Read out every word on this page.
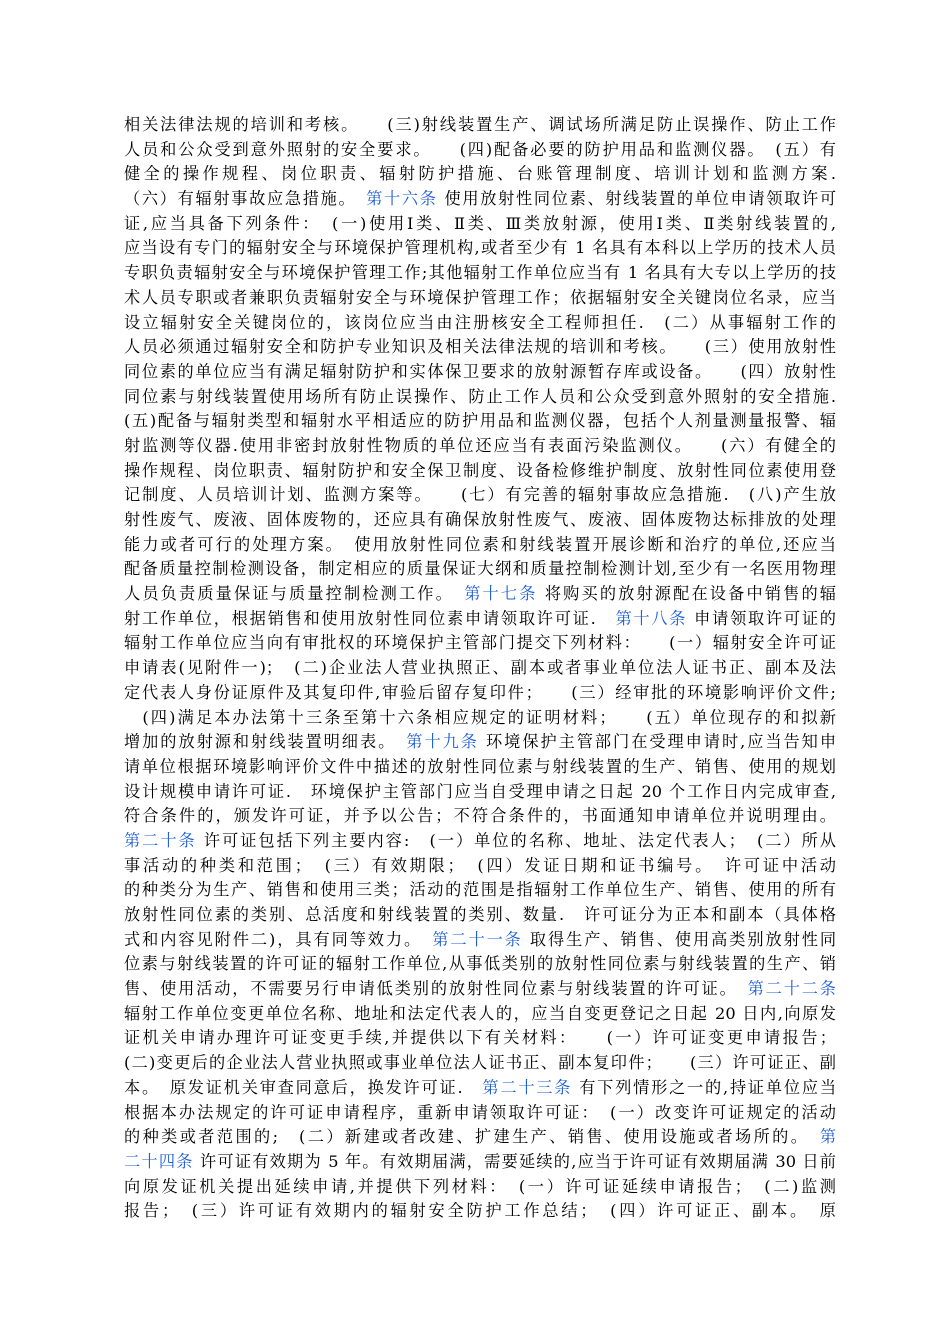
相关法律法规的培训和考核。　　(三)射线装置生产、调试场所满足防止误操作、防止工作
人员和公众受到意外照射的安全要求。　　(四)配备必要的防护用品和监测仪器。　(五）有
健全的操作规程、岗位职责、辐射防护措施、台账管理制度、培训计划和监测方案.
（六）有辐射事故应急措施。　第十六条 使用放射性同位素、射线装置的单位申请领取许可
证,应当具备下列条件：　(一)使用Ⅰ类、Ⅱ类、Ⅲ类放射源，使用Ⅰ类、Ⅱ类射线装置的,
应当设有专门的辐射安全与环境保护管理机构,或者至少有 1 名具有本科以上学历的技术人员
专职负责辐射安全与环境保护管理工作;其他辐射工作单位应当有 1 名具有大专以上学历的技
术人员专职或者兼职负责辐射安全与环境保护管理工作；依据辐射安全关键岗位名录，应当
设立辐射安全关键岗位的，该岗位应当由注册核安全工程师担任.　(二）从事辐射工作的
人员必须通过辐射安全和防护专业知识及相关法律法规的培训和考核。　　(三）使用放射性
同位素的单位应当有满足辐射防护和实体保卫要求的放射源暂存库或设备。　　(四）放射性
同位素与射线装置使用场所有防止误操作、防止工作人员和公众受到意外照射的安全措施.
(五)配备与辐射类型和辐射水平相适应的防护用品和监测仪器，包括个人剂量测量报警、辐
射监测等仪器.使用非密封放射性物质的单位还应当有表面污染监测仪。　　(六）有健全的
操作规程、岗位职责、辐射防护和安全保卫制度、设备检修维护制度、放射性同位素使用登
记制度、人员培训计划、监测方案等。　　(七）有完善的辐射事故应急措施.　(八)产生放
射性废气、废液、固体废物的，还应具有确保放射性废气、废液、固体废物达标排放的处理
能力或者可行的处理方案。　使用放射性同位素和射线装置开展诊断和治疗的单位,还应当
配备质量控制检测设备，制定相应的质量保证大纲和质量控制检测计划,至少有一名医用物理
人员负责质量保证与质量控制检测工作。　第十七条 将购买的放射源配在设备中销售的辐
射工作单位，根据销售和使用放射性同位素申请领取许可证.　第十八条 申请领取许可证的
辐射工作单位应当向有审批权的环境保护主管部门提交下列材料：　　(一）辐射安全许可证
申请表(见附件一)；　(二)企业法人营业执照正、副本或者事业单位法人证书正、副本及法
定代表人身份证原件及其复印件,审验后留存复印件；　　(三）经审批的环境影响评价文件;
　(四)满足本办法第十三条至第十六条相应规定的证明材料；　　(五）单位现存的和拟新
增加的放射源和射线装置明细表。　第十九条 环境保护主管部门在受理申请时,应当告知申
请单位根据环境影响评价文件中描述的放射性同位素与射线装置的生产、销售、使用的规划
设计规模申请许可证.　环境保护主管部门应当自受理申请之日起 20 个工作日内完成审查,
符合条件的，颁发许可证，并予以公告；不符合条件的，书面通知申请单位并说明理由。
第二十条 许可证包括下列主要内容:　(一）单位的名称、地址、法定代表人；　(二）所从
事活动的种类和范围；　(三）有效期限；　(四）发证日期和证书编号。　许可证中活动
的种类分为生产、销售和使用三类；活动的范围是指辐射工作单位生产、销售、使用的所有
放射性同位素的类别、总活度和射线装置的类别、数量.　许可证分为正本和副本（具体格
式和内容见附件二)，具有同等效力。　第二十一条 取得生产、销售、使用高类别放射性同
位素与射线装置的许可证的辐射工作单位,从事低类别的放射性同位素与射线装置的生产、销
售、使用活动，不需要另行申请低类别的放射性同位素与射线装置的许可证。　第二十二条
辐射工作单位变更单位名称、地址和法定代表人的，应当自变更登记之日起 20 日内,向原发
证机关申请办理许可证变更手续,并提供以下有关材料：　　(一）许可证变更申请报告；
(二)变更后的企业法人营业执照或事业单位法人证书正、副本复印件；　　(三）许可证正、副
本。　原发证机关审查同意后，换发许可证.　第二十三条 有下列情形之一的,持证单位应当
根据本办法规定的许可证申请程序，重新申请领取许可证：　(一）改变许可证规定的活动
的种类或者范围的;　(二）新建或者改建、扩建生产、销售、使用设施或者场所的。　第
二十四条 许可证有效期为 5 年。有效期届满，需要延续的,应当于许可证有效期届满 30 日前
向原发证机关提出延续申请,并提供下列材料：　(一）许可证延续申请报告；　(二)监测
报告；　(三）许可证有效期内的辐射安全防护工作总结；　(四）许可证正、副本。　原
